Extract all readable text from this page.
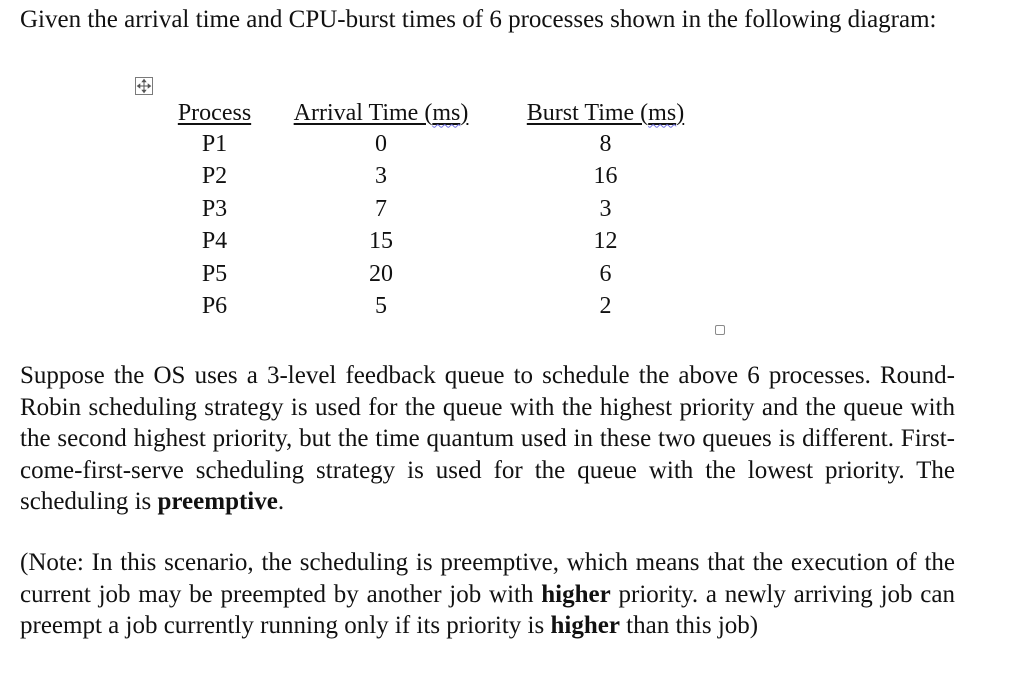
Given the arrival time and CPU-burst times of 6 processes shown in the following diagram:

Process	Arrival Time (ms)	Burst Time (ms)
P1	0	8
P2	3	16
P3	7	3
P4	15	12
P5	20	6
P6	5	2

Suppose the OS uses a 3-level feedback queue to schedule the above 6 processes. Round-Robin scheduling strategy is used for the queue with the highest priority and the queue with the second highest priority, but the time quantum used in these two queues is different. First-come-first-serve scheduling strategy is used for the queue with the lowest priority. The scheduling is preemptive.

(Note: In this scenario, the scheduling is preemptive, which means that the execution of the current job may be preempted by another job with higher priority. a newly arriving job can preempt a job currently running only if its priority is higher than this job)
